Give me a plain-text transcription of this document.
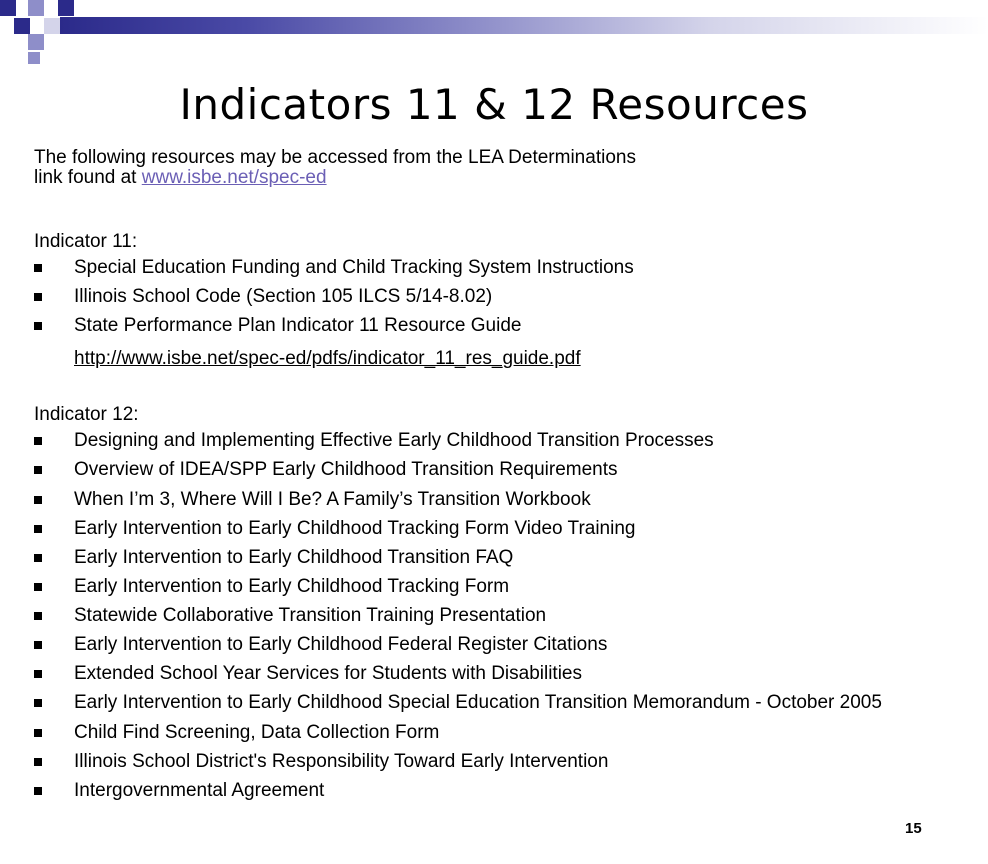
Indicators 11 & 12 Resources
The following resources may be accessed from the LEA Determinations
link found at www.isbe.net/spec-ed
Indicator 11:
Special Education Funding and Child Tracking System Instructions
Illinois School Code (Section 105 ILCS 5/14-8.02)
State Performance Plan Indicator 11 Resource Guide
http://www.isbe.net/spec-ed/pdfs/indicator_11_res_guide.pdf
Indicator 12:
Designing and Implementing Effective Early Childhood Transition Processes
Overview of IDEA/SPP Early Childhood Transition Requirements
When I’m 3, Where Will I Be? A Family’s Transition Workbook
Early Intervention to Early Childhood Tracking Form Video Training
Early Intervention to Early Childhood Transition FAQ
Early Intervention to Early Childhood Tracking Form
Statewide Collaborative Transition Training Presentation
Early Intervention to Early Childhood Federal Register Citations
Extended School Year Services for Students with Disabilities
Early Intervention to Early Childhood Special Education Transition Memorandum - October 2005
Child Find Screening, Data Collection Form
Illinois School District's Responsibility Toward Early Intervention
Intergovernmental Agreement
15
